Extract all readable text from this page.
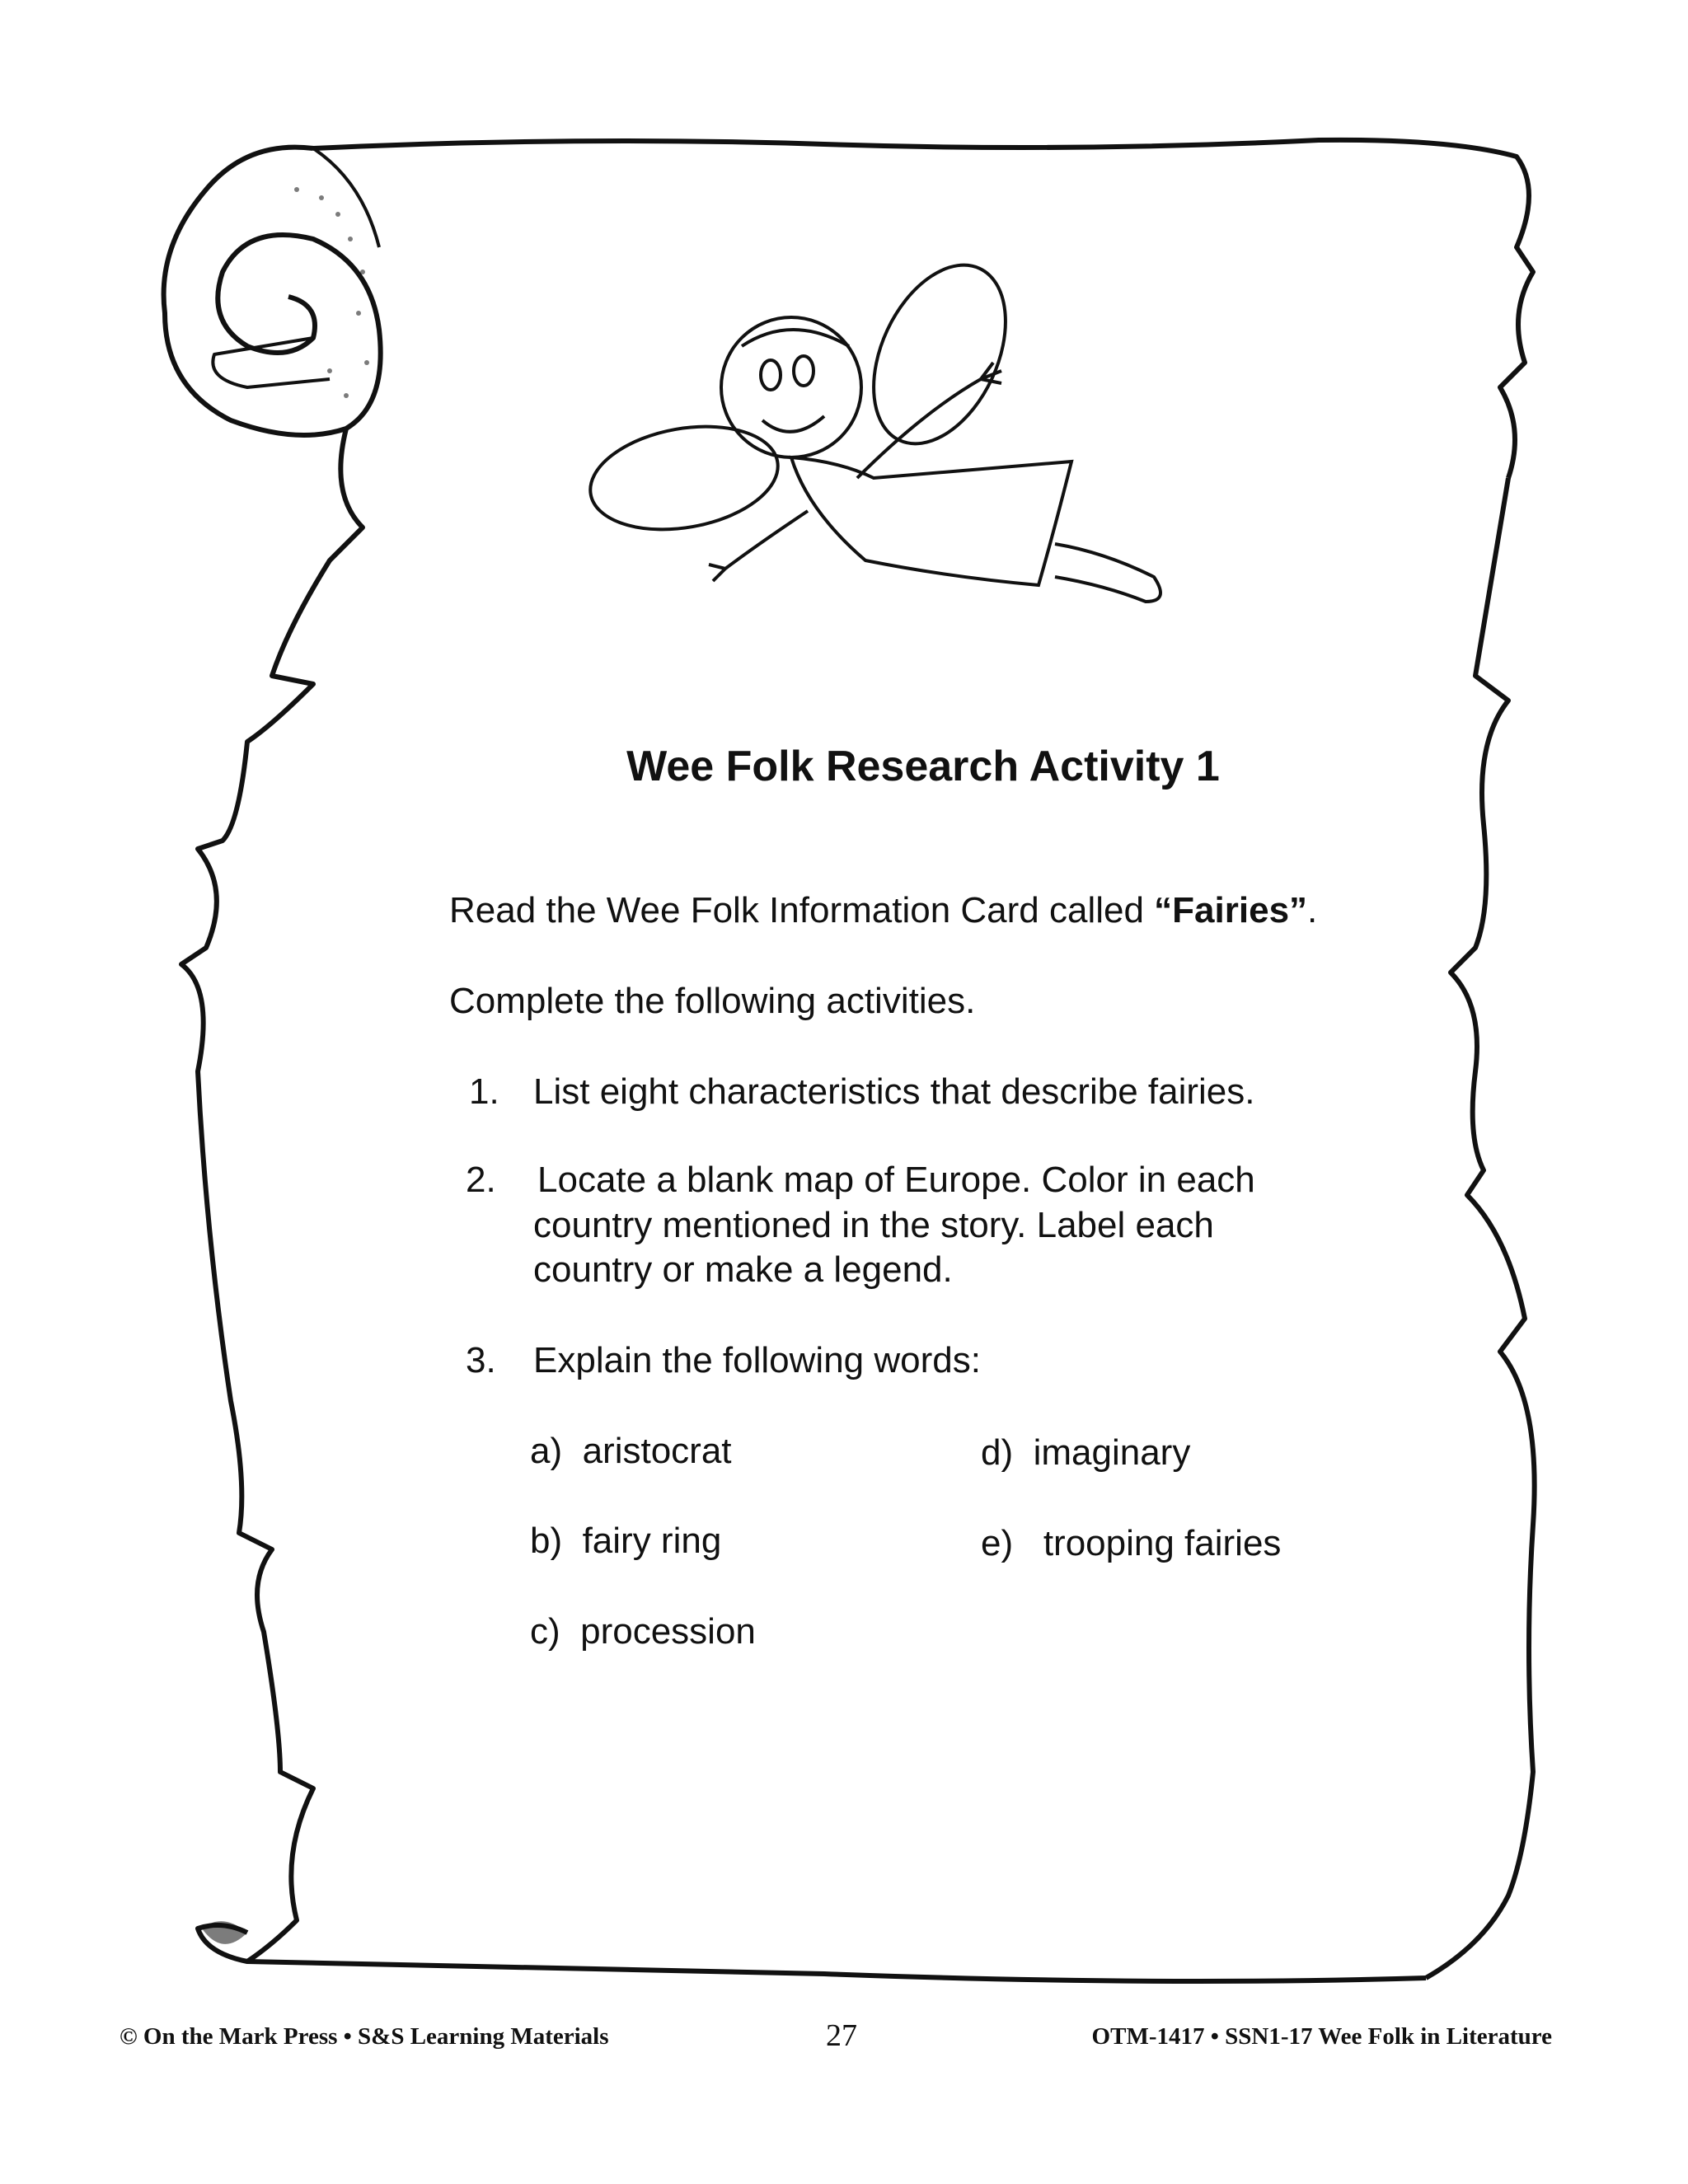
Wee Folk Research Activity 1
Read the Wee Folk Information Card called “Fairies”.
Complete the following activities.
1. List eight characteristics that describe fairies.
2. Locate a blank map of Europe. Color in each
country mentioned in the story. Label each
country or make a legend.
3. Explain the following words:
a) aristocrat
b) fairy ring
c) procession
d) imaginary
e) trooping fairies
© On the Mark Press • S&S Learning Materials	27	OTM-1417 • SSN1-17 Wee Folk in Literature
